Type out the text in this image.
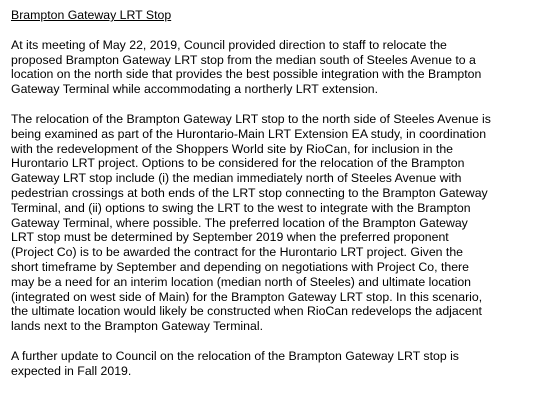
Brampton Gateway LRT Stop
At its meeting of May 22, 2019, Council provided direction to staff to relocate the
proposed Brampton Gateway LRT stop from the median south of Steeles Avenue to a
location on the north side that provides the best possible integration with the Brampton
Gateway Terminal while accommodating a northerly LRT extension.
The relocation of the Brampton Gateway LRT stop to the north side of Steeles Avenue is
being examined as part of the Hurontario-Main LRT Extension EA study, in coordination
with the redevelopment of the Shoppers World site by RioCan, for inclusion in the
Hurontario LRT project. Options to be considered for the relocation of the Brampton
Gateway LRT stop include (i) the median immediately north of Steeles Avenue with
pedestrian crossings at both ends of the LRT stop connecting to the Brampton Gateway
Terminal, and (ii) options to swing the LRT to the west to integrate with the Brampton
Gateway Terminal, where possible. The preferred location of the Brampton Gateway
LRT stop must be determined by September 2019 when the preferred proponent
(Project Co) is to be awarded the contract for the Hurontario LRT project. Given the
short timeframe by September and depending on negotiations with Project Co, there
may be a need for an interim location (median north of Steeles) and ultimate location
(integrated on west side of Main) for the Brampton Gateway LRT stop. In this scenario,
the ultimate location would likely be constructed when RioCan redevelops the adjacent
lands next to the Brampton Gateway Terminal.
A further update to Council on the relocation of the Brampton Gateway LRT stop is
expected in Fall 2019.
